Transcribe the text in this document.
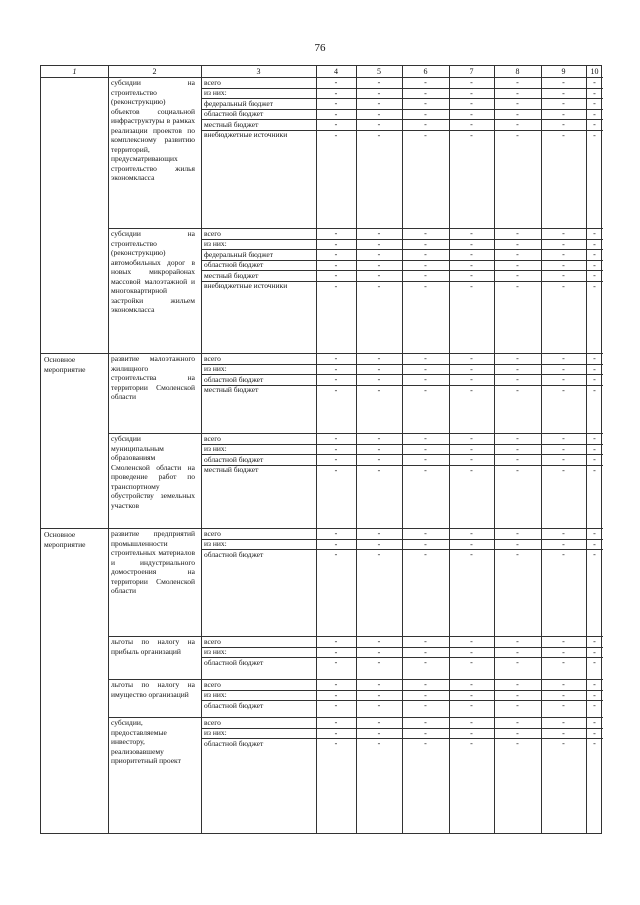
76
1	2	3	4	5	6	7	8	9	10
субсидии на строительство (реконструкцию) объектов социальной инфраструктуры в рамках реализации проектов по комплексному развитию территорий, предусматривающих строительство жилья экономкласса
всего	-	-	-	-	-	-	-
из них:	-	-	-	-	-	-	-
федеральный бюджет	-	-	-	-	-	-	-
областной бюджет	-	-	-	-	-	-	-
местный бюджет	-	-	-	-	-	-	-
внебюджетные источники	-	-	-	-	-	-	-
субсидии на строительство (реконструкцию) автомобильных дорог в новых микрорайонах массовой малоэтажной и многоквартирной застройки жильем экономкласса
всего	-	-	-	-	-	-	-
из них:	-	-	-	-	-	-	-
федеральный бюджет	-	-	-	-	-	-	-
областной бюджет	-	-	-	-	-	-	-
местный бюджет	-	-	-	-	-	-	-
внебюджетные источники	-	-	-	-	-	-	-
Основное мероприятие
развитие малоэтажного жилищного строительства на территории Смоленской области
всего	-	-	-	-	-	-	-
из них:	-	-	-	-	-	-	-
областной бюджет	-	-	-	-	-	-	-
местный бюджет	-	-	-	-	-	-	-
субсидии муниципальным образованиям Смоленской области на проведение работ по транспортному обустройству земельных участков
всего	-	-	-	-	-	-	-
из них:	-	-	-	-	-	-	-
областной бюджет	-	-	-	-	-	-	-
местный бюджет	-	-	-	-	-	-	-
Основное мероприятие
развитие предприятий промышленности строительных материалов и индустриального домостроения на территории Смоленской области
всего	-	-	-	-	-	-	-
из них:	-	-	-	-	-	-	-
областной бюджет	-	-	-	-	-	-	-
льготы по налогу на прибыль организаций
всего	-	-	-	-	-	-	-
из них:	-	-	-	-	-	-	-
областной бюджет	-	-	-	-	-	-	-
льготы по налогу на имущество организаций
всего	-	-	-	-	-	-	-
из них:	-	-	-	-	-	-	-
областной бюджет	-	-	-	-	-	-	-
субсидии, предоставляемые инвестору, реализовавшему приоритетный проект
всего	-	-	-	-	-	-	-
из них:	-	-	-	-	-	-	-
областной бюджет	-	-	-	-	-	-	-
